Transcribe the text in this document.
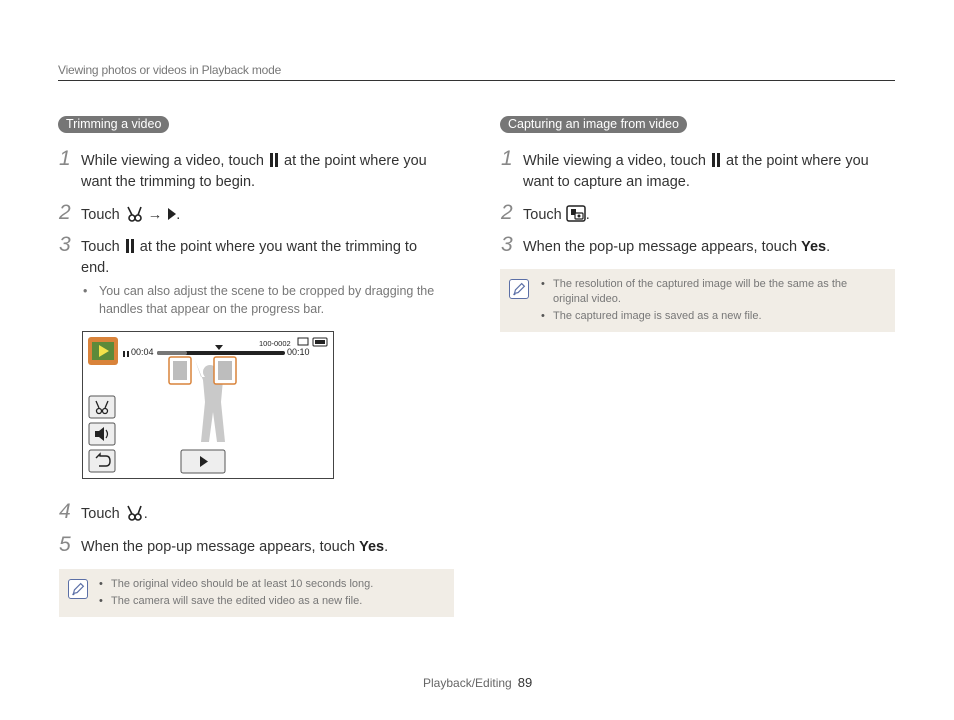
Viewing photos or videos in Playback mode
Trimming a video
1 While viewing a video, touch at the point where you
want the trimming to begin.
2 Touch → .
3 Touch at the point where you want the trimming to
end.
• You can also adjust the scene to be cropped by dragging the
handles that appear on the progress bar.
00:04
100-0002
00:10
4 Touch .
5 When the pop-up message appears, touch Yes.
• The original video should be at least 10 seconds long.
• The camera will save the edited video as a new file.
Capturing an image from video
1 While viewing a video, touch at the point where you
want to capture an image.
2 Touch .
3 When the pop-up message appears, touch Yes.
• The resolution of the captured image will be the same as the original video.
• The captured image is saved as a new file.
Playback/Editing 89
